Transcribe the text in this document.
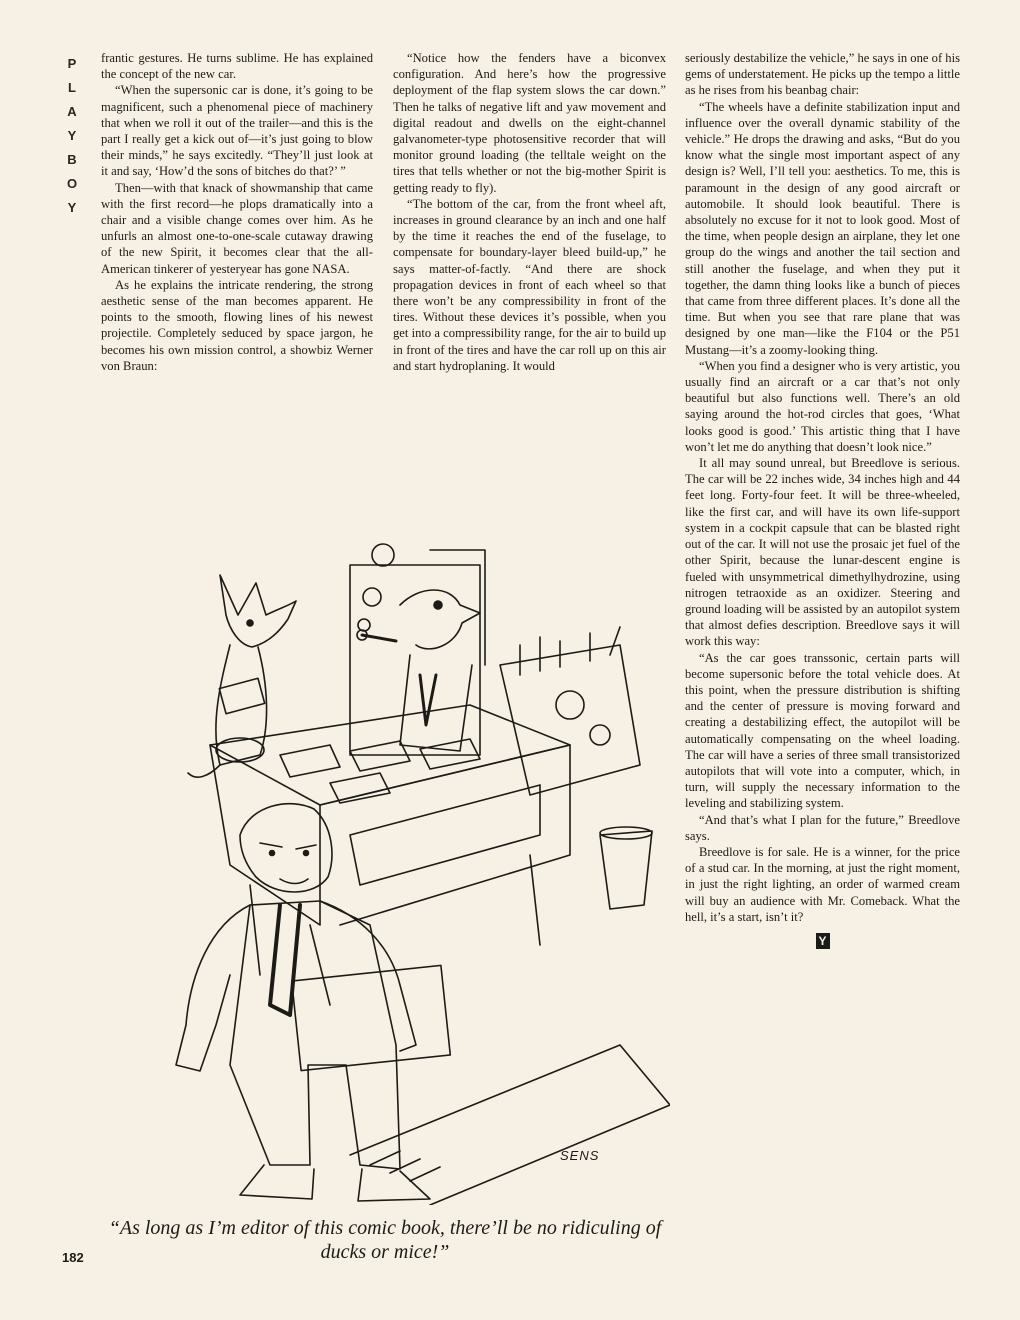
P
L
A
Y
B
O
Y

frantic gestures. He turns sublime. He has explained the concept of the new car.

“When the supersonic car is done, it’s going to be magnificent, such a phenomenal piece of machinery that when we roll it out of the trailer—and this is the part I really get a kick out of—it’s just going to blow their minds,” he says excitedly. “They’ll just look at it and say, ‘How’d the sons of bitches do that?’ ”

Then—with that knack of showmanship that came with the first record—he plops dramatically into a chair and a visible change comes over him. As he unfurls an almost one-to-one-scale cutaway drawing of the new Spirit, it becomes clear that the all-American tinkerer of yesteryear has gone NASA.

As he explains the intricate rendering, the strong aesthetic sense of the man becomes apparent. He points to the smooth, flowing lines of his newest projectile. Completely seduced by space jargon, he becomes his own mission control, a showbiz Werner von Braun:

“Notice how the fenders have a biconvex configuration. And here’s how the progressive deployment of the flap system slows the car down.” Then he talks of negative lift and yaw movement and digital readout and dwells on the eight-channel galvanometer-type photosensitive recorder that will monitor ground loading (the telltale weight on the tires that tells whether or not the big-mother Spirit is getting ready to fly).

“The bottom of the car, from the front wheel aft, increases in ground clearance by an inch and one half by the time it reaches the end of the fuselage, to compensate for boundary-layer bleed build-up,” he says matter-of-factly. “And there are shock propagation devices in front of each wheel so that there won’t be any compressibility in front of the tires. Without these devices it’s possible, when you get into a compressibility range, for the air to build up in front of the tires and have the car roll up on this air and start hydroplaning. It would

seriously destabilize the vehicle,” he says in one of his gems of understatement. He picks up the tempo a little as he rises from his beanbag chair:

“The wheels have a definite stabilization input and influence over the overall dynamic stability of the vehicle.” He drops the drawing and asks, “But do you know what the single most important aspect of any design is? Well, I’ll tell you: aesthetics. To me, this is paramount in the design of any good aircraft or automobile. It should look beautiful. There is absolutely no excuse for it not to look good. Most of the time, when people design an airplane, they let one group do the wings and another the tail section and still another the fuselage, and when they put it together, the damn thing looks like a bunch of pieces that came from three different places. It’s done all the time. But when you see that rare plane that was designed by one man—like the F104 or the P51 Mustang—it’s a zoomy-looking thing.

“When you find a designer who is very artistic, you usually find an aircraft or a car that’s not only beautiful but also functions well. There’s an old saying around the hot-rod circles that goes, ‘What looks good is good.’ This artistic thing that I have won’t let me do anything that doesn’t look nice.”

It all may sound unreal, but Breedlove is serious. The car will be 22 inches wide, 34 inches high and 44 feet long. Forty-four feet. It will be three-wheeled, like the first car, and will have its own life-support system in a cockpit capsule that can be blasted right out of the car. It will not use the prosaic jet fuel of the other Spirit, because the lunar-descent engine is fueled with unsymmetrical dimethylhydrozine, using nitrogen tetraoxide as an oxidizer. Steering and ground loading will be assisted by an autopilot system that almost defies description. Breedlove says it will work this way:

“As the car goes transsonic, certain parts will become supersonic before the total vehicle does. At this point, when the pressure distribution is shifting and the center of pressure is moving forward and creating a destabilizing effect, the autopilot will be automatically compensating on the wheel loading. The car will have a series of three small transistorized autopilots that will vote into a computer, which, in turn, will supply the necessary information to the leveling and stabilizing system.

“And that’s what I plan for the future,” Breedlove says.

Breedlove is for sale. He is a winner, for the price of a stud car. In the morning, at just the right moment, in just the right lighting, an order of warmed cream will buy an audience with Mr. Comeback. What the hell, it’s a start, isn’t it?

Y
SENS
“As long as I’m editor of this comic book, there’ll be no ridiculing of ducks or mice!”
182
